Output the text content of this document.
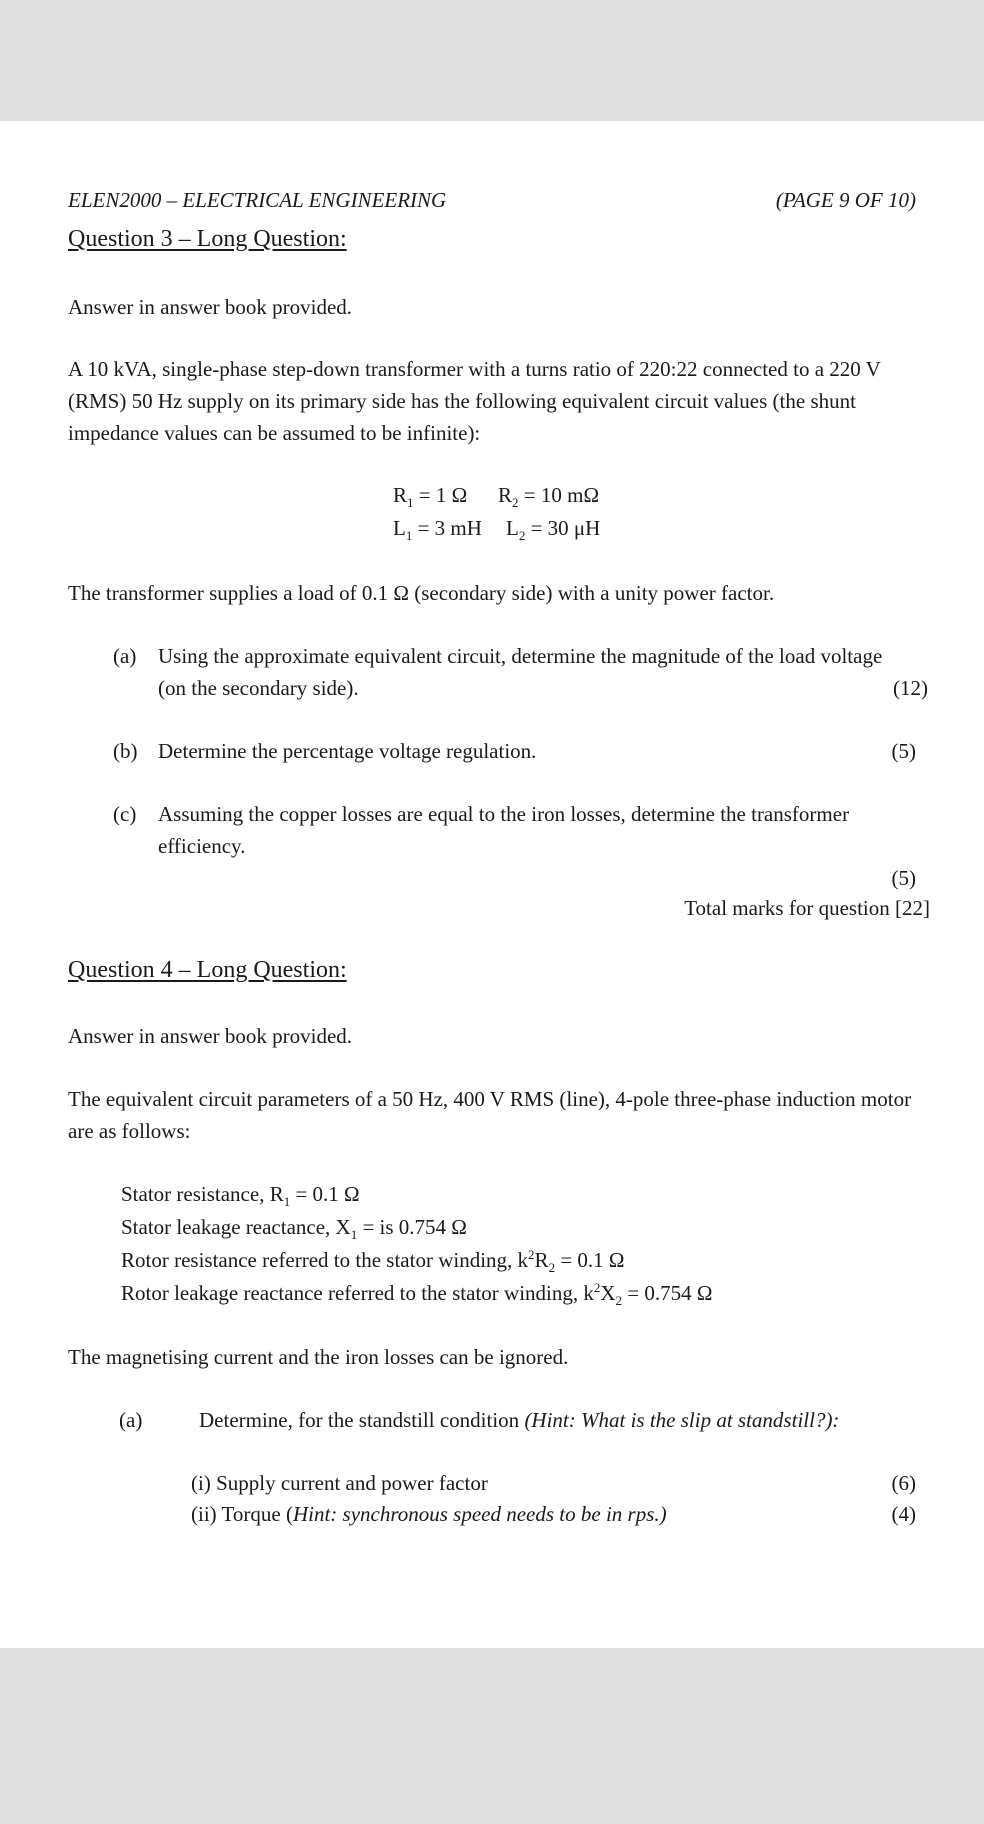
ELEN2000 – ELECTRICAL ENGINEERING	(PAGE 9 OF 10)
Question 3 – Long Question:
Answer in answer book provided.
A 10 kVA, single-phase step-down transformer with a turns ratio of 220:22 connected to a 220 V (RMS) 50 Hz supply on its primary side has the following equivalent circuit values (the shunt impedance values can be assumed to be infinite):
$R_1 = 1$ Ω $R_2 = 10$ mΩ
$L_1 = 3$ mH $L_2 = 30$ μH
The transformer supplies a load of 0.1 Ω (secondary side) with a unity power factor.
(a) Using the approximate equivalent circuit, determine the magnitude of the load voltage
(on the secondary side).	(12)
(b) Determine the percentage voltage regulation.	(5)
(c) Assuming the copper losses are equal to the iron losses, determine the transformer
efficiency.
(5)
Total marks for question [22]
Question 4 – Long Question:
Answer in answer book provided.
The equivalent circuit parameters of a 50 Hz, 400 V RMS (line), 4-pole three-phase induction motor are as follows:
Stator resistance, $R_1 = 0.1$ Ω
Stator leakage reactance, $X_1$ = is 0.754 Ω
Rotor resistance referred to the stator winding, $k^2R_2 = 0.1$ Ω
Rotor leakage reactance referred to the stator winding, $k^2X_2 = 0.754$ Ω
The magnetising current and the iron losses can be ignored.
(a)	Determine, for the standstill condition (Hint: What is the slip at standstill?):
(i) Supply current and power factor	(6)
(ii) Torque (Hint: synchronous speed needs to be in rps.)	(4)
